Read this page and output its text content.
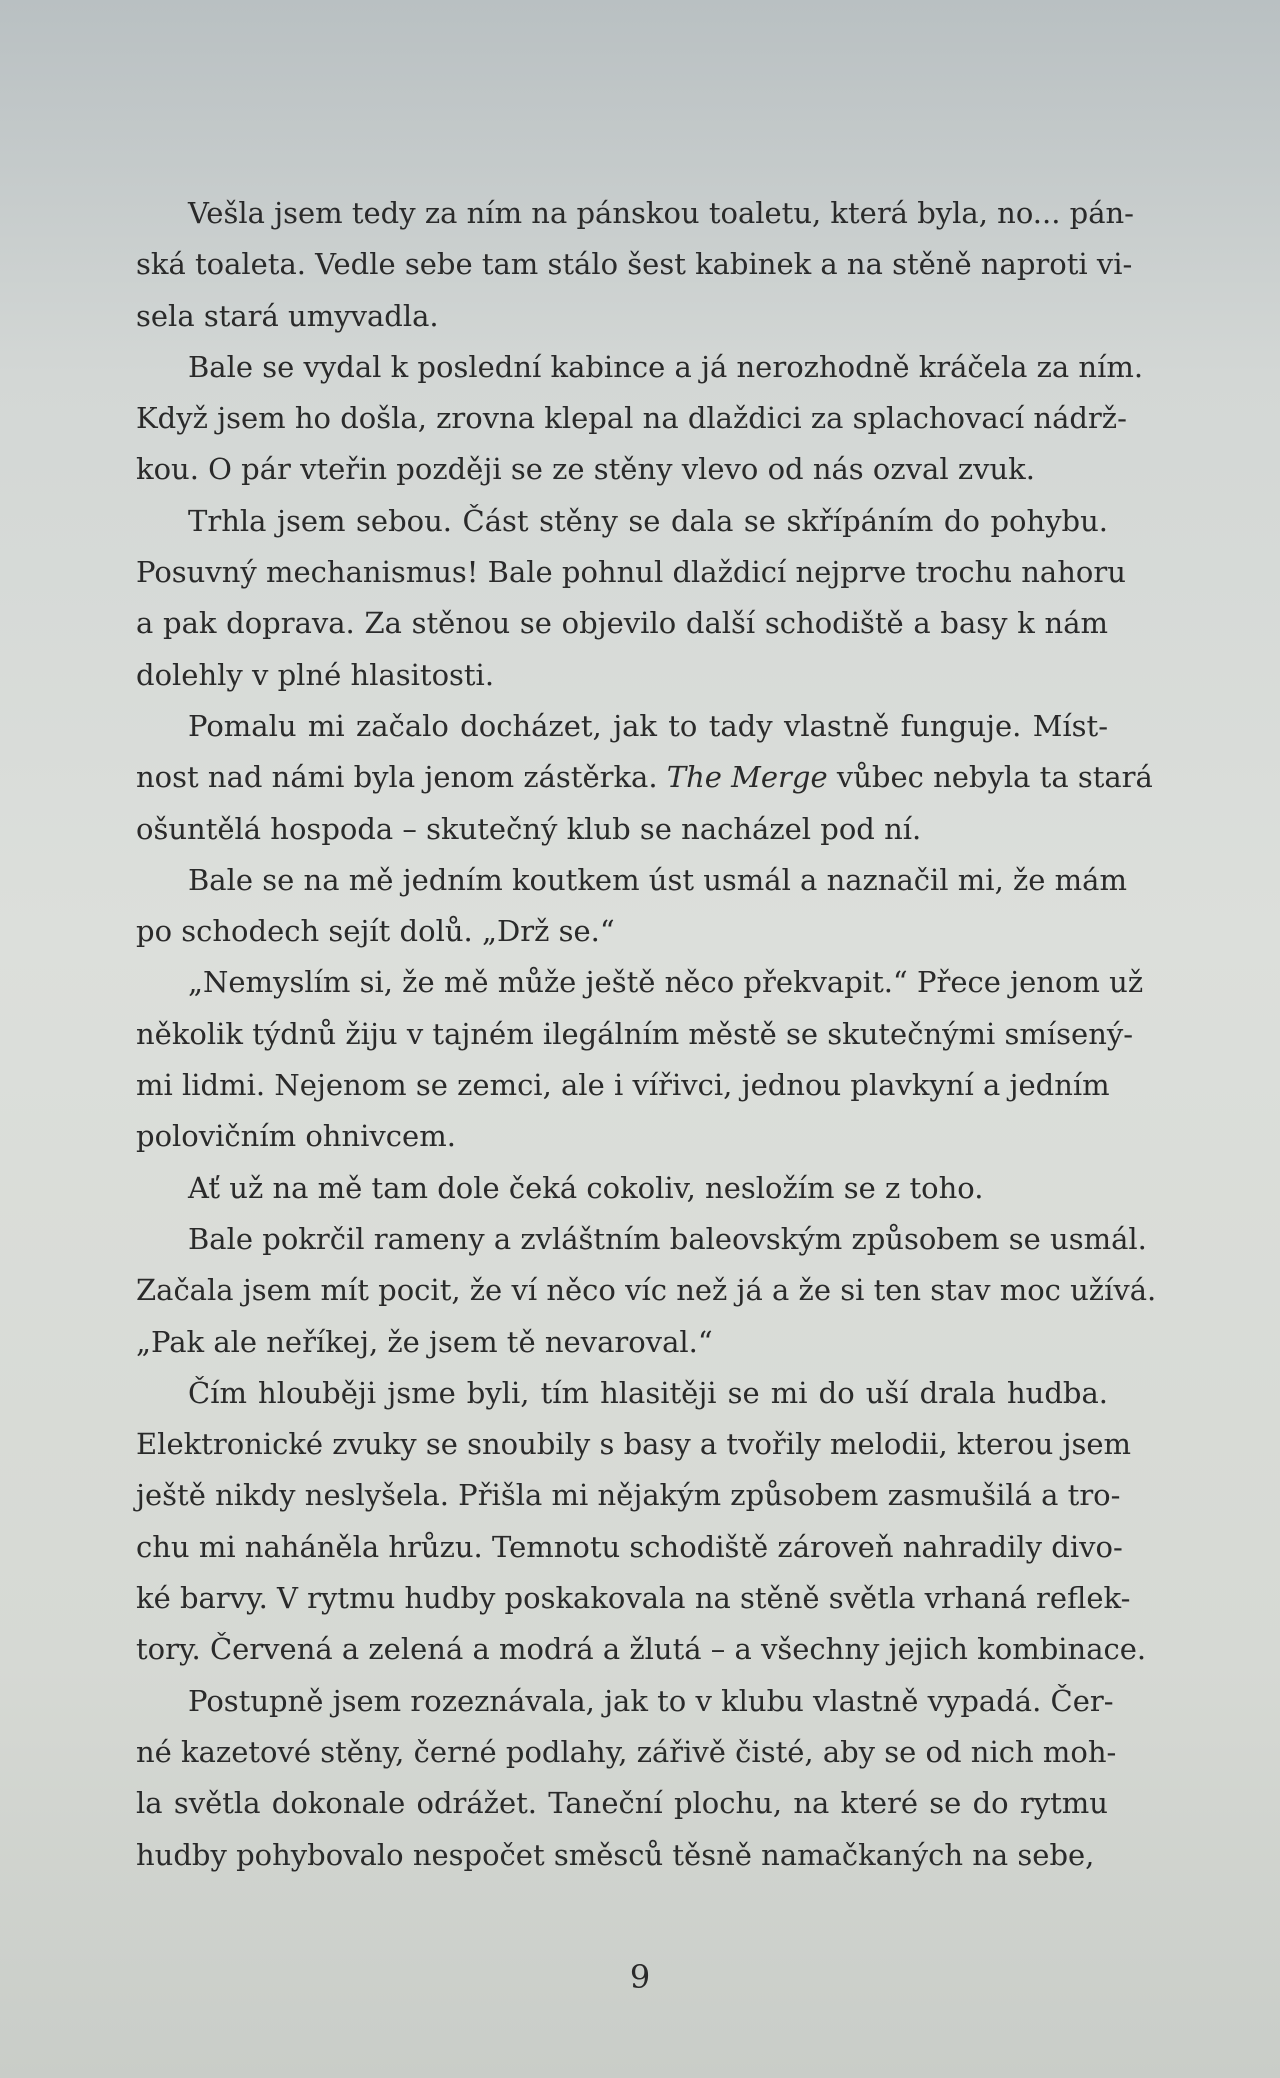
Vešla jsem tedy za ním na pánskou toaletu, která byla, no... pán-
ská toaleta. Vedle sebe tam stálo šest kabinek a na stěně naproti vi-
sela stará umyvadla.

Bale se vydal k poslední kabince a já nerozhodně kráčela za ním.
Když jsem ho došla, zrovna klepal na dlaždici za splachovací nádrž-
kou. O pár vteřin později se ze stěny vlevo od nás ozval zvuk.

Trhla jsem sebou. Část stěny se dala se skřípáním do pohybu.
Posuvný mechanismus! Bale pohnul dlaždicí nejprve trochu nahoru
a pak doprava. Za stěnou se objevilo další schodiště a basy k nám
dolehly v plné hlasitosti.

Pomalu mi začalo docházet, jak to tady vlastně funguje. Míst-
nost nad námi byla jenom zástěrka. The Merge vůbec nebyla ta stará
ošuntělá hospoda – skutečný klub se nacházel pod ní.

Bale se na mě jedním koutkem úst usmál a naznačil mi, že mám
po schodech sejít dolů. „Drž se.“

„Nemyslím si, že mě může ještě něco překvapit.“ Přece jenom už
několik týdnů žiju v tajném ilegálním městě se skutečnými smísený-
mi lidmi. Nejenom se zemci, ale i vířivci, jednou plavkyní a jedním
polovičním ohnivcem.

Ať už na mě tam dole čeká cokoliv, nesložím se z toho.

Bale pokrčil rameny a zvláštním baleovským způsobem se usmál.
Začala jsem mít pocit, že ví něco víc než já a že si ten stav moc užívá.
„Pak ale neříkej, že jsem tě nevaroval.“

Čím hlouběji jsme byli, tím hlasitěji se mi do uší drala hudba.
Elektronické zvuky se snoubily s basy a tvořily melodii, kterou jsem
ještě nikdy neslyšela. Přišla mi nějakým způsobem zasmušilá a tro-
chu mi naháněla hrůzu. Temnotu schodiště zároveň nahradily divo-
ké barvy. V rytmu hudby poskakovala na stěně světla vrhaná reflek-
tory. Červená a zelená a modrá a žlutá – a všechny jejich kombinace.

Postupně jsem rozeznávala, jak to v klubu vlastně vypadá. Čer-
né kazetové stěny, černé podlahy, zářivě čisté, aby se od nich moh-
la světla dokonale odrážet. Taneční plochu, na které se do rytmu
hudby pohybovalo nespočet směsců těsně namačkaných na sebe,

9
